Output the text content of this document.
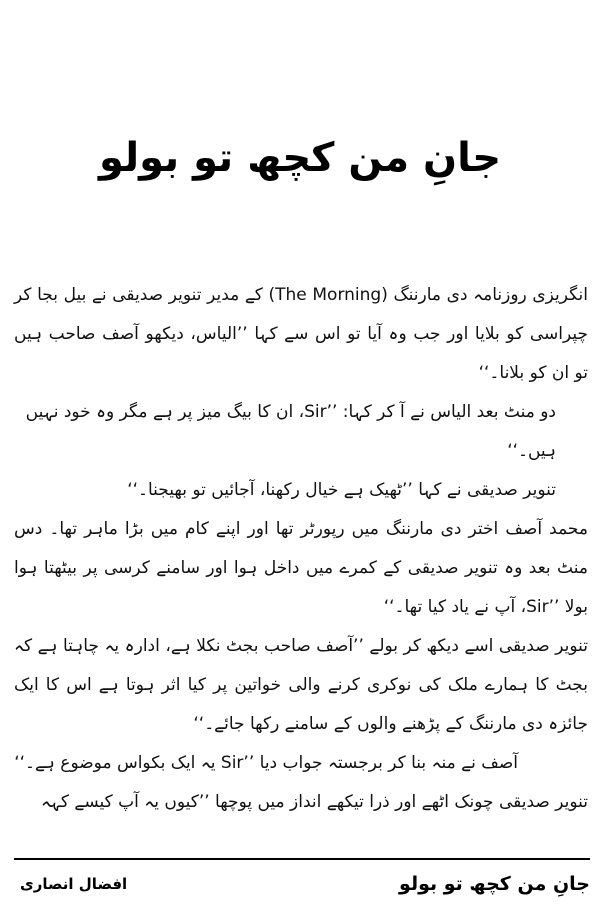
جانِ من کچھ تو بولو

انگریزی روزنامہ دی مارننگ (The Morning) کے مدیر تنویر صدیقی نے بیل بجا کر چپراسی کو بلایا اور جب وہ آیا تو اس سے کہا ’’الیاس، دیکھو آصف صاحب ہیں تو ان کو بلانا۔‘‘

دو منٹ بعد الیاس نے آ کر کہا: ’’Sir، ان کا بیگ میز پر ہے مگر وہ خود نہیں ہیں۔‘‘

تنویر صدیقی نے کہا ’’ٹھیک ہے خیال رکھنا، آجائیں تو بھیجنا۔‘‘

محمد آصف اختر دی مارننگ میں رپورٹر تھا اور اپنے کام میں بڑا ماہر تھا۔ دس منٹ بعد وہ تنویر صدیقی کے کمرے میں داخل ہوا اور سامنے کرسی پر بیٹھتا ہوا بولا ’’Sir، آپ نے یاد کیا تھا۔‘‘

تنویر صدیقی اسے دیکھ کر بولے ’’آصف صاحب بجٹ نکلا ہے، ادارہ یہ چاہتا ہے کہ بجٹ کا ہمارے ملک کی نوکری کرنے والی خواتین پر کیا اثر ہوتا ہے اس کا ایک جائزہ دی مارننگ کے پڑھنے والوں کے سامنے رکھا جائے۔‘‘

آصف نے منہ بنا کر برجستہ جواب دیا ’’Sir یہ ایک بکواس موضوع ہے۔‘‘

تنویر صدیقی چونک اٹھے اور ذرا تیکھے انداز میں پوچھا ’’کیوں یہ آپ کیسے کہہ

جانِ من کچھ تو بولو
افضال انصاری
